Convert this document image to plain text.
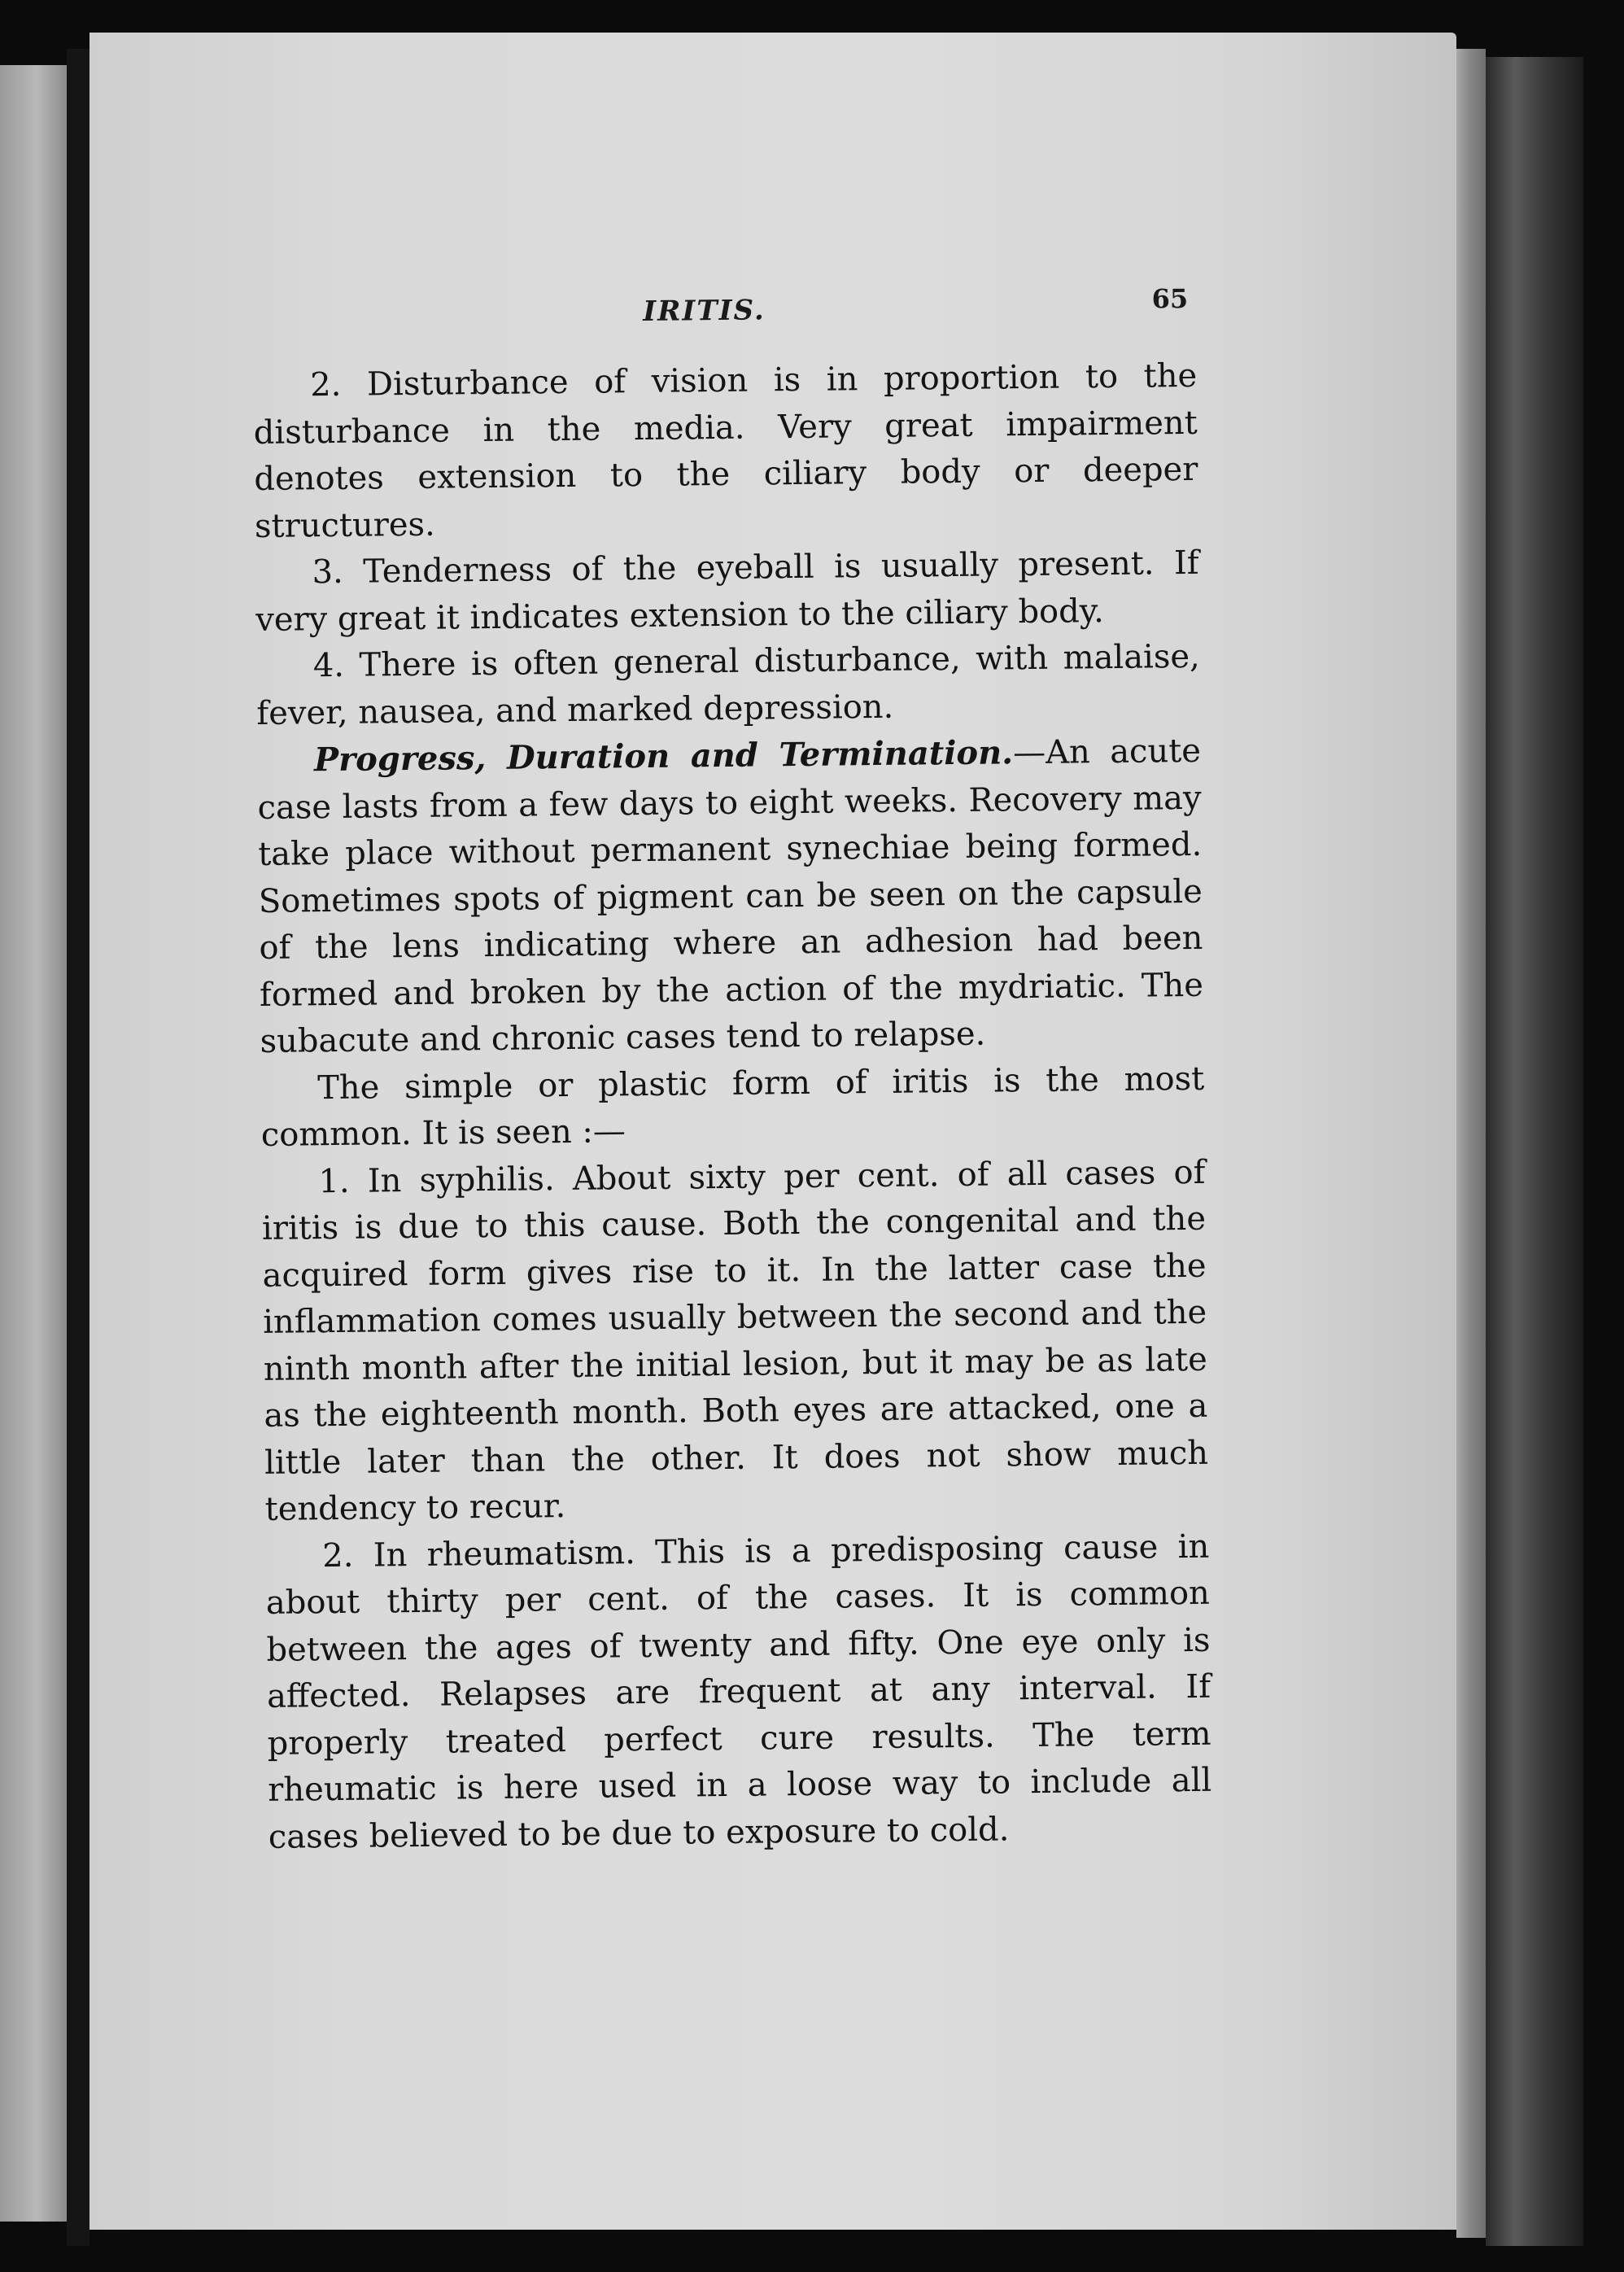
IRITIS.	65

2. Disturbance of vision is in proportion to the disturbance in the media. Very great impairment denotes extension to the ciliary body or deeper structures.

3. Tenderness of the eyeball is usually present. If very great it indicates extension to the ciliary body.

4. There is often general disturbance, with malaise, fever, nausea, and marked depression.

Progress, Duration and Termination.—An acute case lasts from a few days to eight weeks. Recovery may take place without permanent synechiae being formed. Sometimes spots of pigment can be seen on the capsule of the lens indicating where an adhesion had been formed and broken by the action of the mydriatic. The subacute and chronic cases tend to relapse.

The simple or plastic form of iritis is the most common. It is seen :—

1. In syphilis. About sixty per cent. of all cases of iritis is due to this cause. Both the congenital and the acquired form gives rise to it. In the latter case the inflammation comes usually between the second and the ninth month after the initial lesion, but it may be as late as the eighteenth month. Both eyes are attacked, one a little later than the other. It does not show much tendency to recur.

2. In rheumatism. This is a predisposing cause in about thirty per cent. of the cases. It is common between the ages of twenty and fifty. One eye only is affected. Relapses are frequent at any interval. If properly treated perfect cure results. The term rheumatic is here used in a loose way to include all cases believed to be due to exposure to cold.
